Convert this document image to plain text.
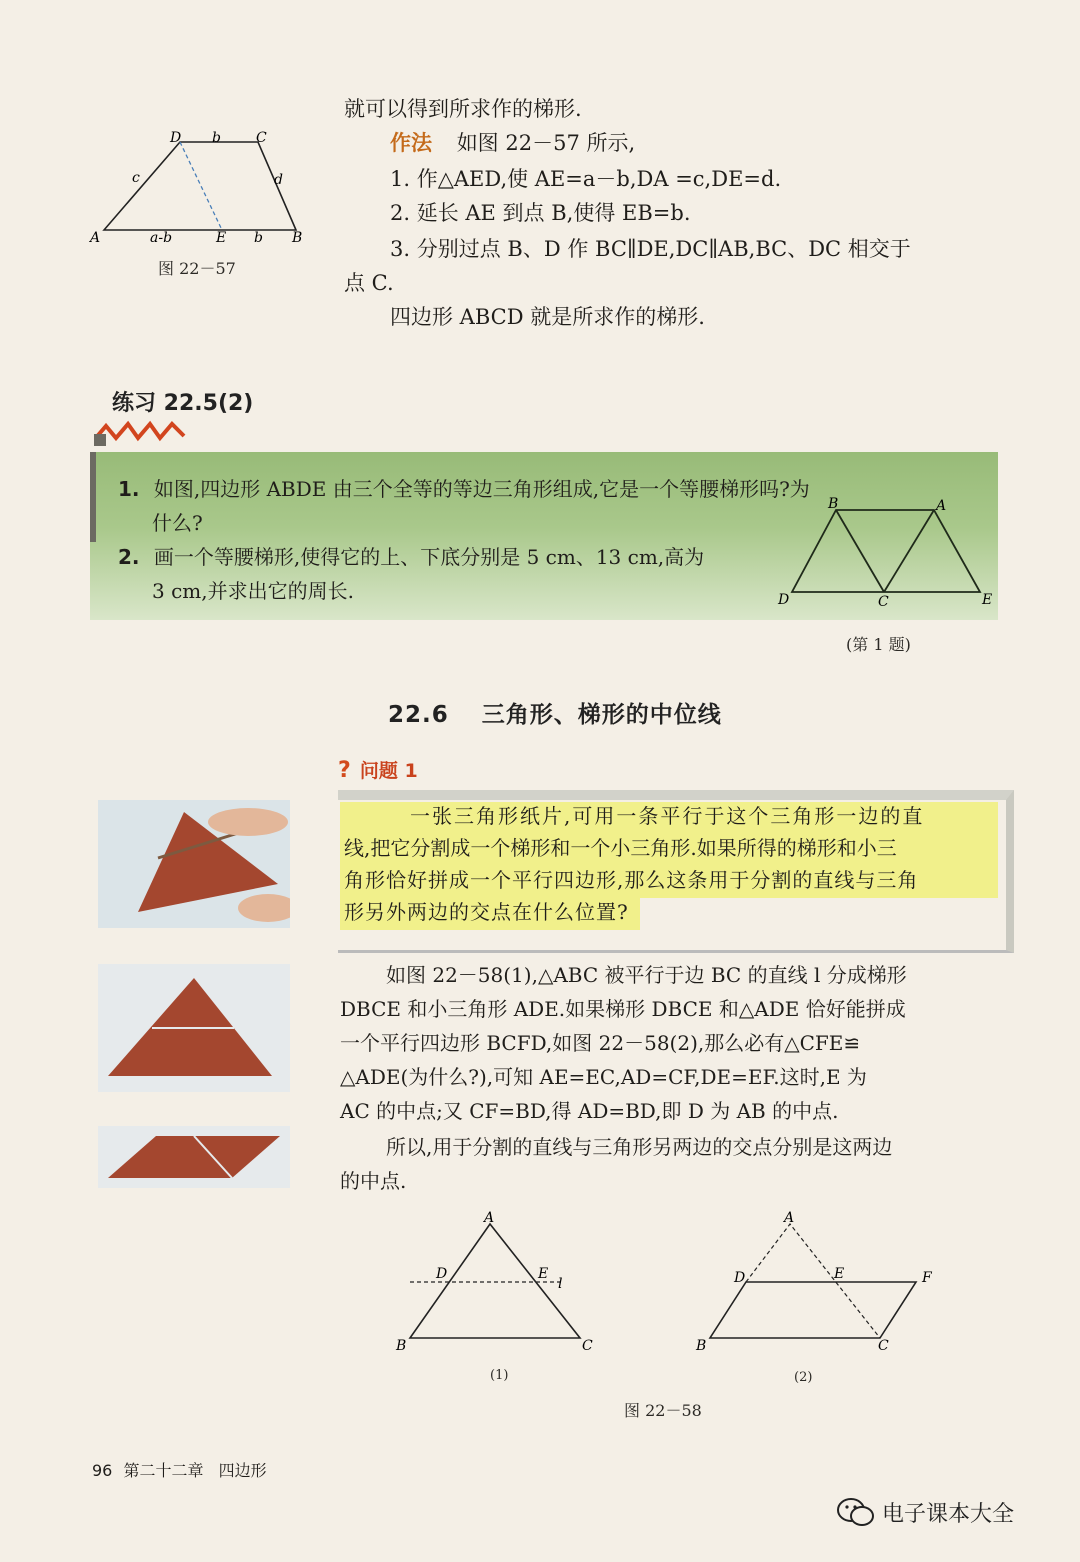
D b	C
c	d
A	a-b	E b B
图 22－57
就可以得到所求作的梯形.
作法 如图 22－57 所示,
1. 作△AED,使 AE=a－b,DA =c,DE=d.
2. 延长 AE 到点 B,使得 EB=b.
3. 分别过点 B、D 作 BC∥DE,DC∥AB,BC、DC 相交于
点 C.
四边形 ABCD 就是所求作的梯形.
练习 22.5(2)
1. 如图,四边形 ABDE 由三个全等的等边三角形组成,它是一个等腰梯形吗?为
什么?
2. 画一个等腰梯形,使得它的上、下底分别是 5 cm、13 cm,高为
3 cm,并求出它的周长.
B	A
D	C	E
(第 1 题)
22.6 三角形、梯形的中位线
? 问题 1
一张三角形纸片,可用一条平行于这个三角形一边的直
线,把它分割成一个梯形和一个小三角形.如果所得的梯形和小三
角形恰好拼成一个平行四边形,那么这条用于分割的直线与三角
形另外两边的交点在什么位置?
如图 22－58(1),△ABC 被平行于边 BC 的直线 l 分成梯形
DBCE 和小三角形 ADE.如果梯形 DBCE 和△ADE 恰好能拼成
一个平行四边形 BCFD,如图 22－58(2),那么必有△CFE≌
△ADE(为什么?),可知 AE=EC,AD=CF,DE=EF.这时,E 为
AC 的中点;又 CF=BD,得 AD=BD,即 D 为 AB 的中点.
所以,用于分割的直线与三角形另两边的交点分别是这两边
的中点.
A
D	E
l
B	C
(1)
A
D	E	F
B	C
(2)
图 22－58
96 第二十二章 四边形
电子课本大全
